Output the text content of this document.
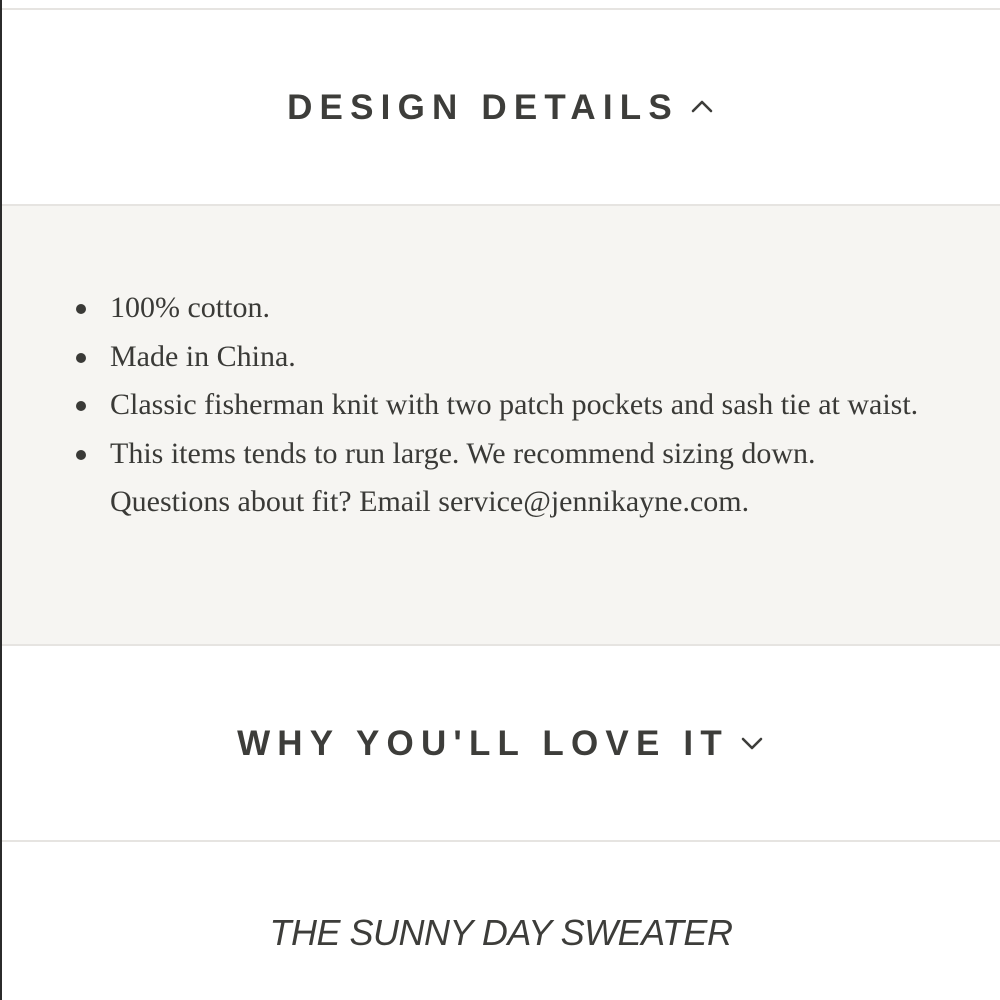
DESIGN DETAILS
100% cotton.
Made in China.
Classic fisherman knit with two patch pockets and sash tie at waist.
This items tends to run large. We recommend sizing down. Questions about fit? Email service@jennikayne.com.
WHY YOU'LL LOVE IT
THE SUNNY DAY SWEATER
